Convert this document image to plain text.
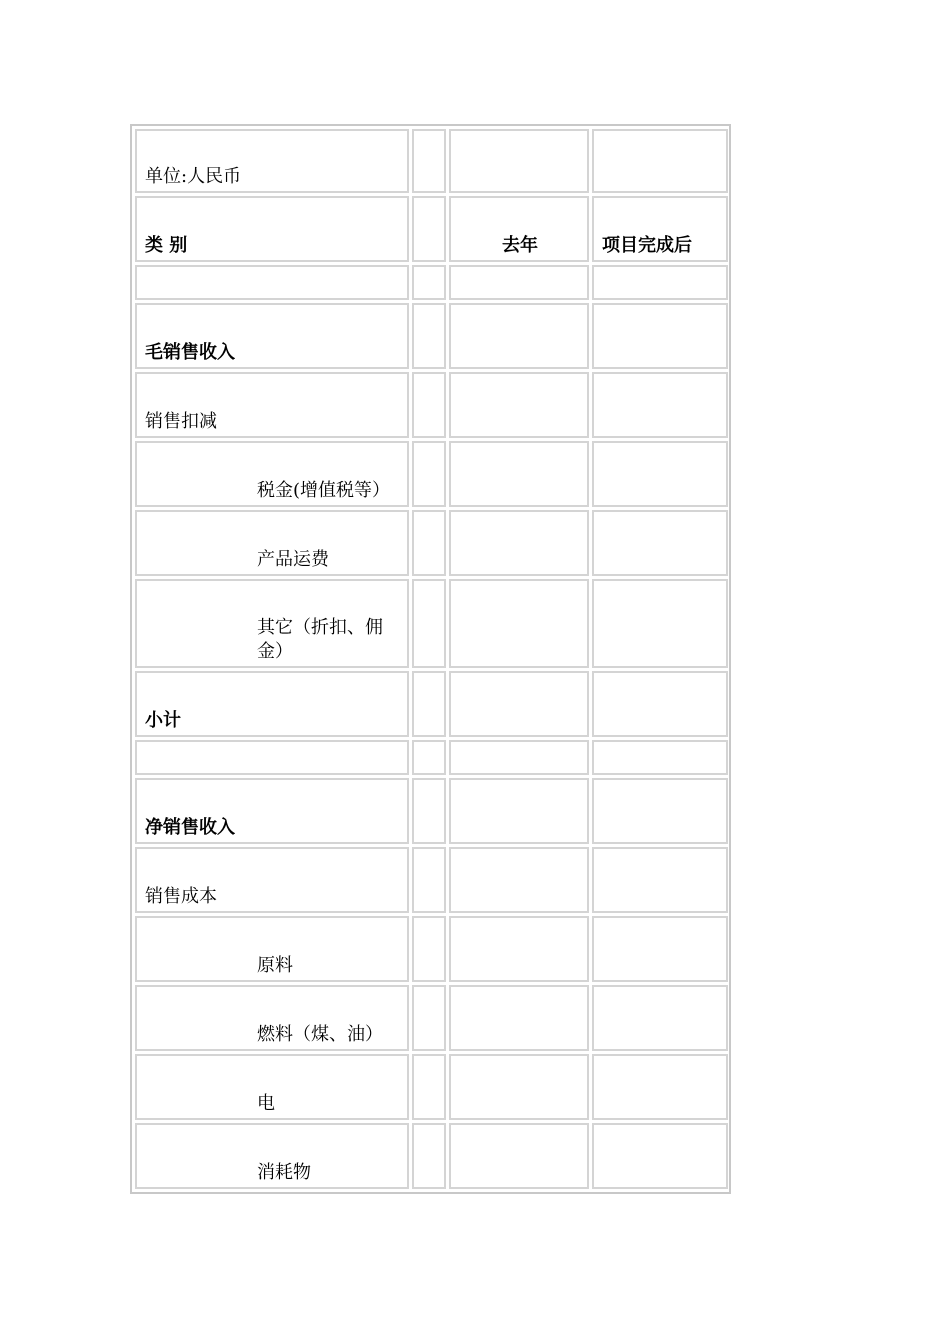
单位:人民币			
类 别		去年	项目完成后

毛销售收入			
销售扣减			
税金(增值税等）			
产品运费			
其它（折扣、佣金）			
小计			

净销售收入			
销售成本			
原料			
燃料（煤、油）			
电			
消耗物			
